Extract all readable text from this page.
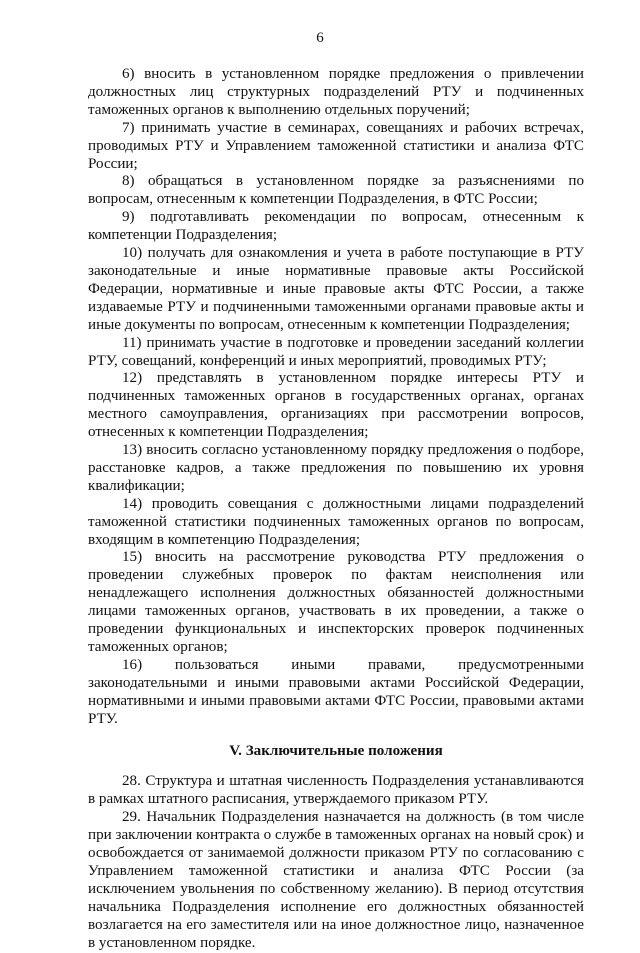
6

6) вносить в установленном порядке предложения о привлечении должностных лиц структурных подразделений РТУ и подчиненных таможенных органов к выполнению отдельных поручений;

7) принимать участие в семинарах, совещаниях и рабочих встречах, проводимых РТУ и Управлением таможенной статистики и анализа ФТС России;

8) обращаться в установленном порядке за разъяснениями по вопросам, отнесенным к компетенции Подразделения, в ФТС России;

9) подготавливать рекомендации по вопросам, отнесенным к компетенции Подразделения;

10) получать для ознакомления и учета в работе поступающие в РТУ законодательные и иные нормативные правовые акты Российской Федерации, нормативные и иные правовые акты ФТС России, а также издаваемые РТУ и подчиненными таможенными органами правовые акты и иные документы по вопросам, отнесенным к компетенции Подразделения;

11) принимать участие в подготовке и проведении заседаний коллегии РТУ, совещаний, конференций и иных мероприятий, проводимых РТУ;

12) представлять в установленном порядке интересы РТУ и подчиненных таможенных органов в государственных органах, органах местного самоуправления, организациях при рассмотрении вопросов, отнесенных к компетенции Подразделения;

13) вносить согласно установленному порядку предложения о подборе, расстановке кадров, а также предложения по повышению их уровня квалификации;

14) проводить совещания с должностными лицами подразделений таможенной статистики подчиненных таможенных органов по вопросам, входящим в компетенцию Подразделения;

15) вносить на рассмотрение руководства РТУ предложения о проведении служебных проверок по фактам неисполнения или ненадлежащего исполнения должностных обязанностей должностными лицами таможенных органов, участвовать в их проведении, а также о проведении функциональных и инспекторских проверок подчиненных таможенных органов;

16) пользоваться иными правами, предусмотренными законодательными и иными правовыми актами Российской Федерации, нормативными и иными правовыми актами ФТС России, правовыми актами РТУ.

V. Заключительные положения

28. Структура и штатная численность Подразделения устанавливаются в рамках штатного расписания, утверждаемого приказом РТУ.

29. Начальник Подразделения назначается на должность (в том числе при заключении контракта о службе в таможенных органах на новый срок) и освобождается от занимаемой должности приказом РТУ по согласованию с Управлением таможенной статистики и анализа ФТС России (за исключением увольнения по собственному желанию). В период отсутствия начальника Подразделения исполнение его должностных обязанностей возлагается на его заместителя или на иное должностное лицо, назначенное в установленном порядке.
